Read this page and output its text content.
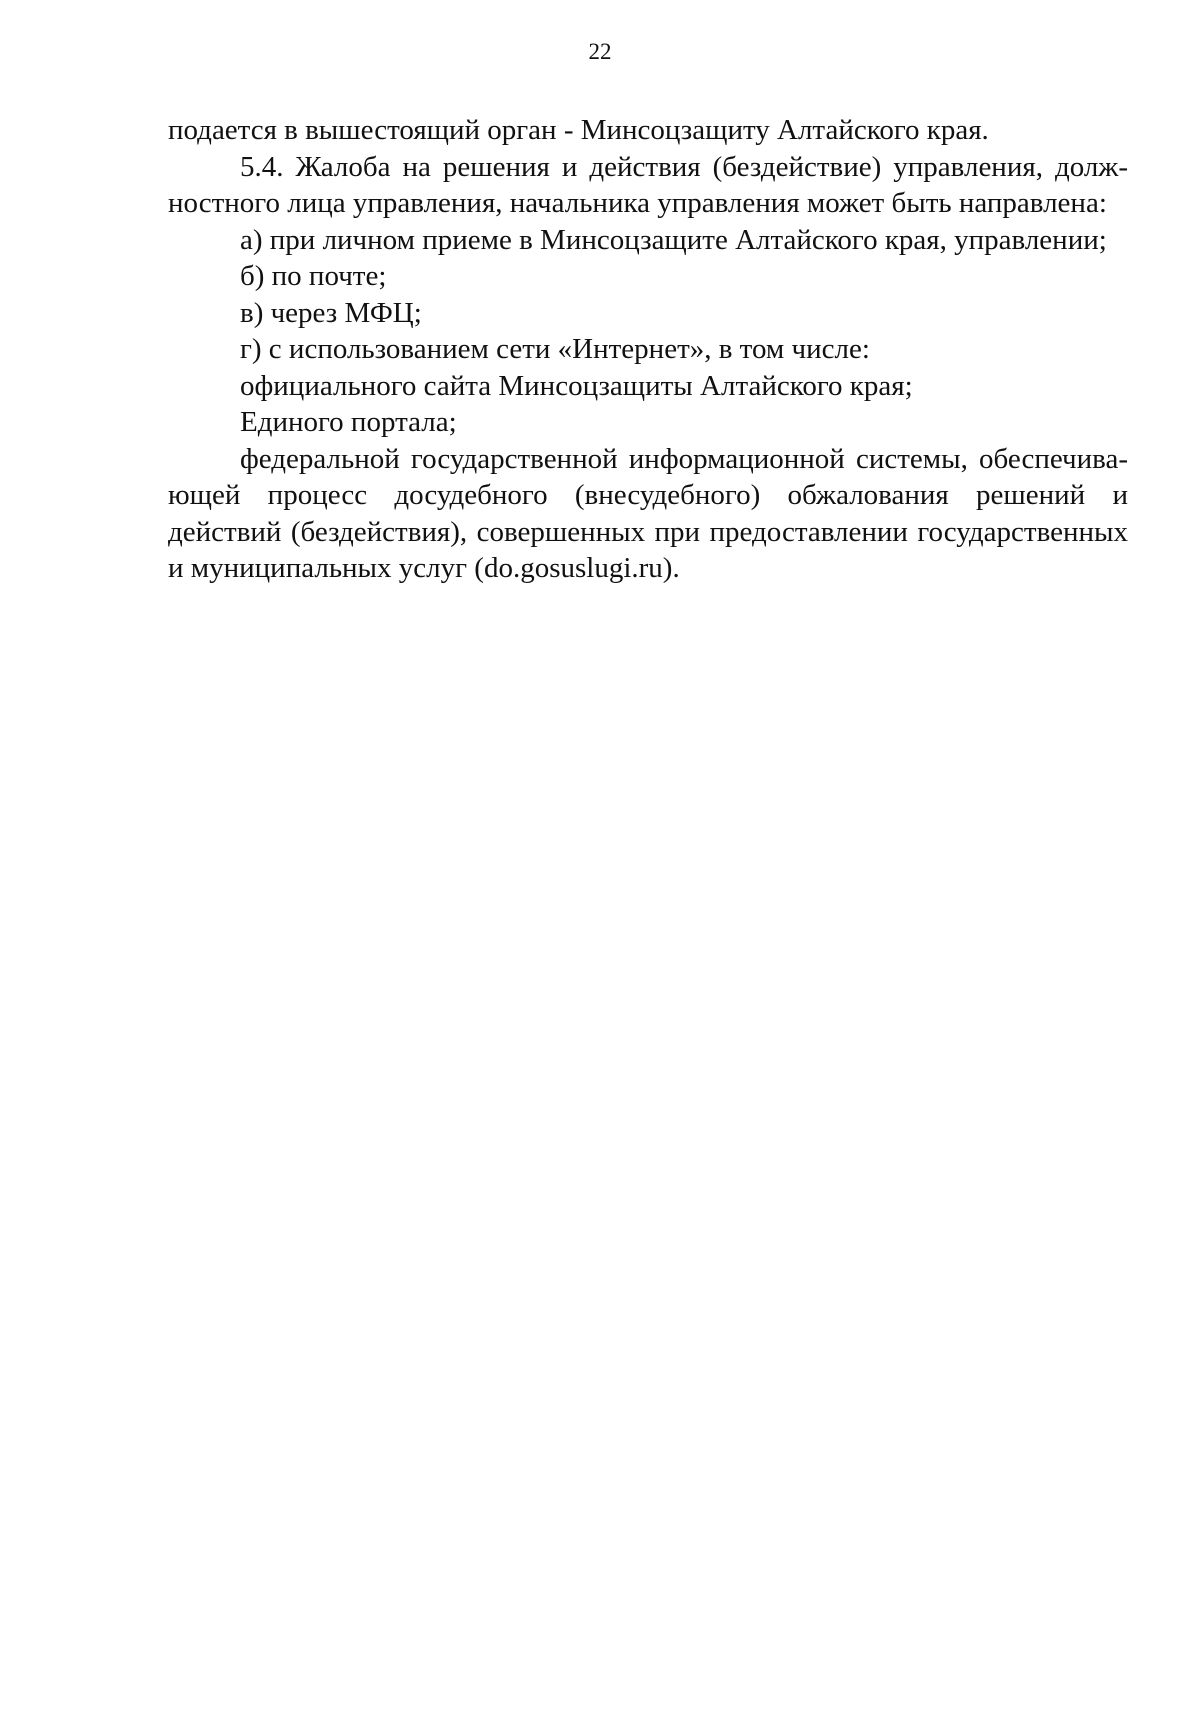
22

подается в вышестоящий орган - Минсоцзащиту Алтайского края.

5.4. Жалоба на решения и действия (бездействие) управления, должностного лица управления, начальника управления может быть направлена:

а) при личном приеме в Минсоцзащите Алтайского края, управлении;

б) по почте;

в) через МФЦ;

г) с использованием сети «Интернет», в том числе:

официального сайта Минсоцзащиты Алтайского края;

Единого портала;

федеральной государственной информационной системы, обеспечивающей процесс досудебного (внесудебного) обжалования решений и действий (бездействия), совершенных при предоставлении государственных и муниципальных услуг (do.gosuslugi.ru).
